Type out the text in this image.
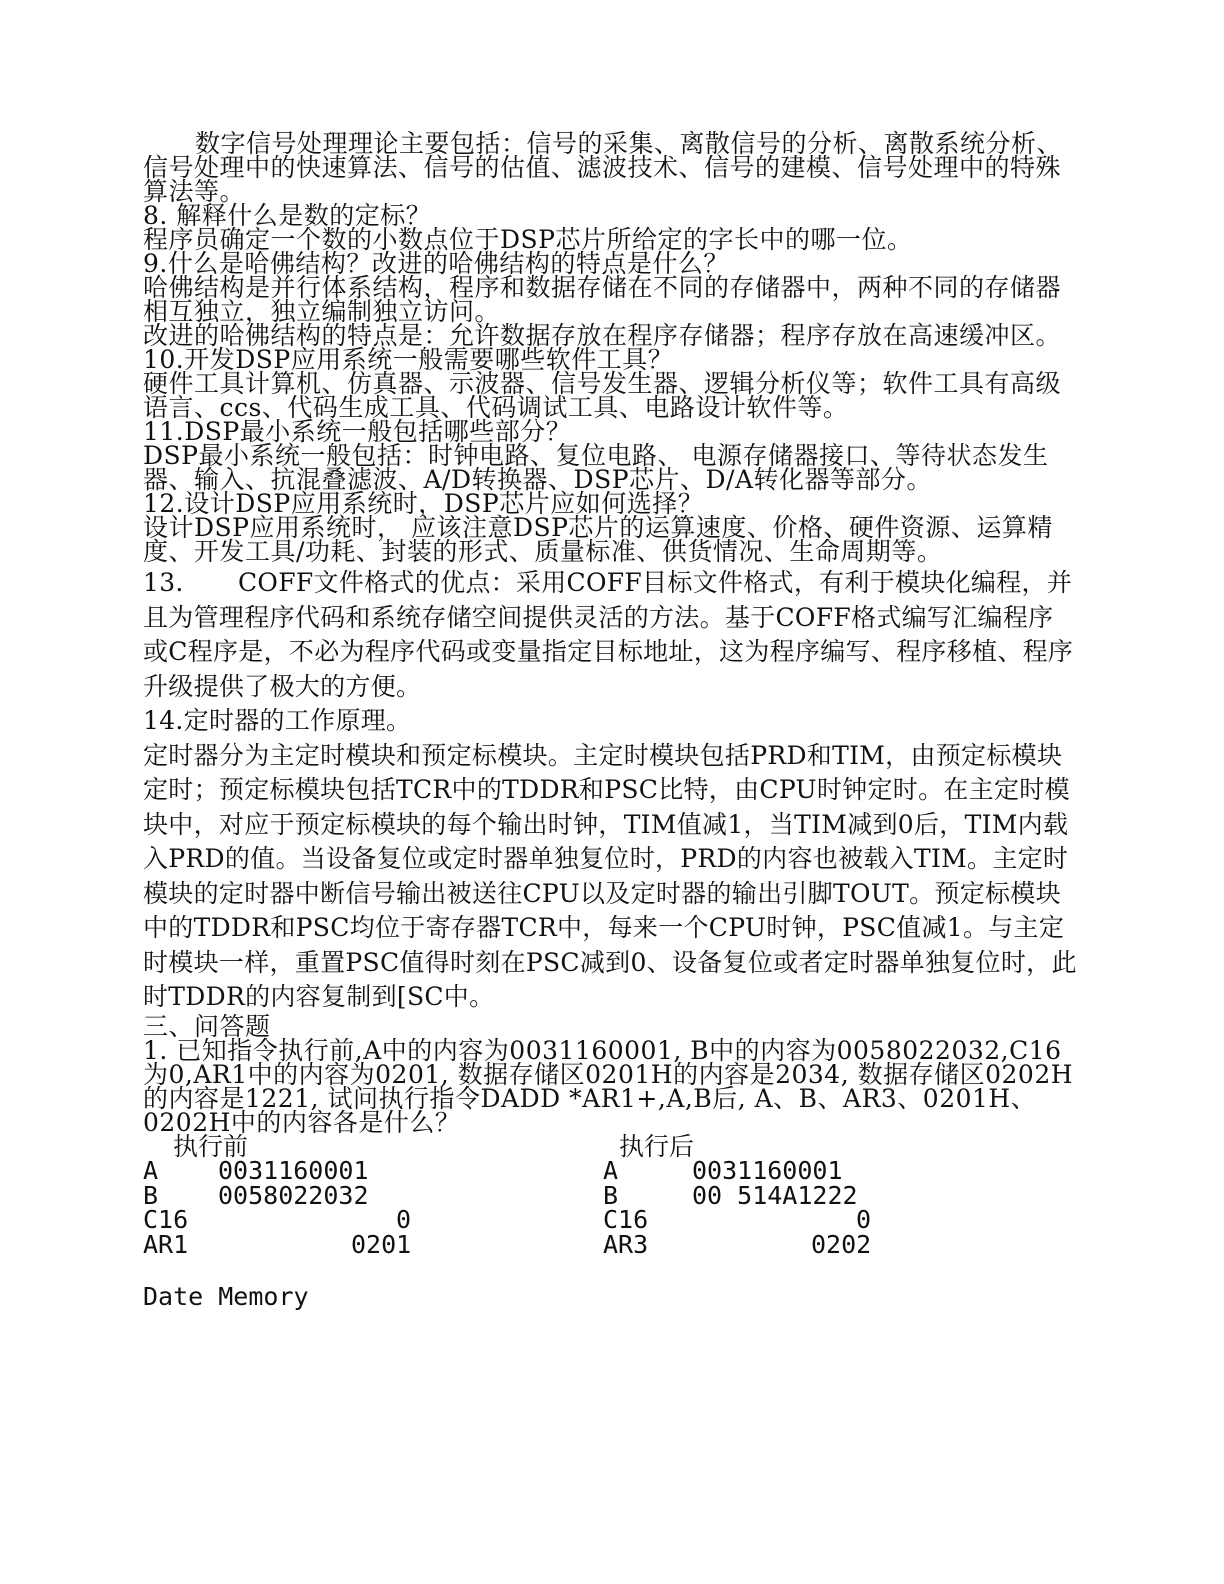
数字信号处理理论主要包括：信号的采集、离散信号的分析、离散系统分析、信号处理中的快速算法、信号的估值、滤波技术、信号的建模、信号处理中的特殊算法等。

8. 解释什么是数的定标？

程序员确定一个数的小数点位于DSP芯片所给定的字长中的哪一位。

9.什么是哈佛结构？改进的哈佛结构的特点是什么？

哈佛结构是并行体系结构，程序和数据存储在不同的存储器中，两种不同的存储器相互独立，独立编制独立访问。

改进的哈佛结构的特点是：允许数据存放在程序存储器；程序存放在高速缓冲区。

10.开发DSP应用系统一般需要哪些软件工具？

硬件工具计算机、仿真器、示波器、信号发生器、逻辑分析仪等；软件工具有高级语言、ccs、代码生成工具、代码调试工具、电路设计软件等。

11.DSP最小系统一般包括哪些部分？

DSP最小系统一般包括：时钟电路、复位电路、 电源存储器接口、等待状态发生器、输入、抗混叠滤波、A/D转换器、DSP芯片、D/A转化器等部分。

12.设计DSP应用系统时，DSP芯片应如何选择？

设计DSP应用系统时， 应该注意DSP芯片的运算速度、价格、硬件资源、运算精度、开发工具/功耗、封装的形式、质量标准、供货情况、生命周期等。

13.	COFF文件格式的优点：采用COFF目标文件格式，有利于模块化编程，并且为管理程序代码和系统存储空间提供灵活的方法。基于COFF格式编写汇编程序或C程序是，不必为程序代码或变量指定目标地址，这为程序编写、程序移植、程序升级提供了极大的方便。

14.定时器的工作原理。

定时器分为主定时模块和预定标模块。主定时模块包括PRD和TIM，由预定标模块定时；预定标模块包括TCR中的TDDR和PSC比特，由CPU时钟定时。在主定时模块中，对应于预定标模块的每个输出时钟，TIM值减1，当TIM减到0后，TIM内载入PRD的值。当设备复位或定时器单独复位时，PRD的内容也被载入TIM。主定时模块的定时器中断信号输出被送往CPU以及定时器的输出引脚TOUT。预定标模块中的TDDR和PSC均位于寄存器TCR中，每来一个CPU时钟，PSC值减1。与主定时模块一样，重置PSC值得时刻在PSC减到0、设备复位或者定时器单独复位时，此时TDDR的内容复制到[SC中。

三、问答题

1. 已知指令执行前,A中的内容为0031160001, B中的内容为0058022032,C16为0,AR1中的内容为0201, 数据存储区0201H的内容是2034, 数据存储区0202H的内容是1221, 试问执行指令DADD *AR1+,A,B后, A、B、AR3、0201H、0202H中的内容各是什么？

执行前
A 0031160001
B 0058022032
C16	0
AR1	0201
执行后
A	0031160001
B	00 514A1222
C16	0
AR3	0202
Date Memory
